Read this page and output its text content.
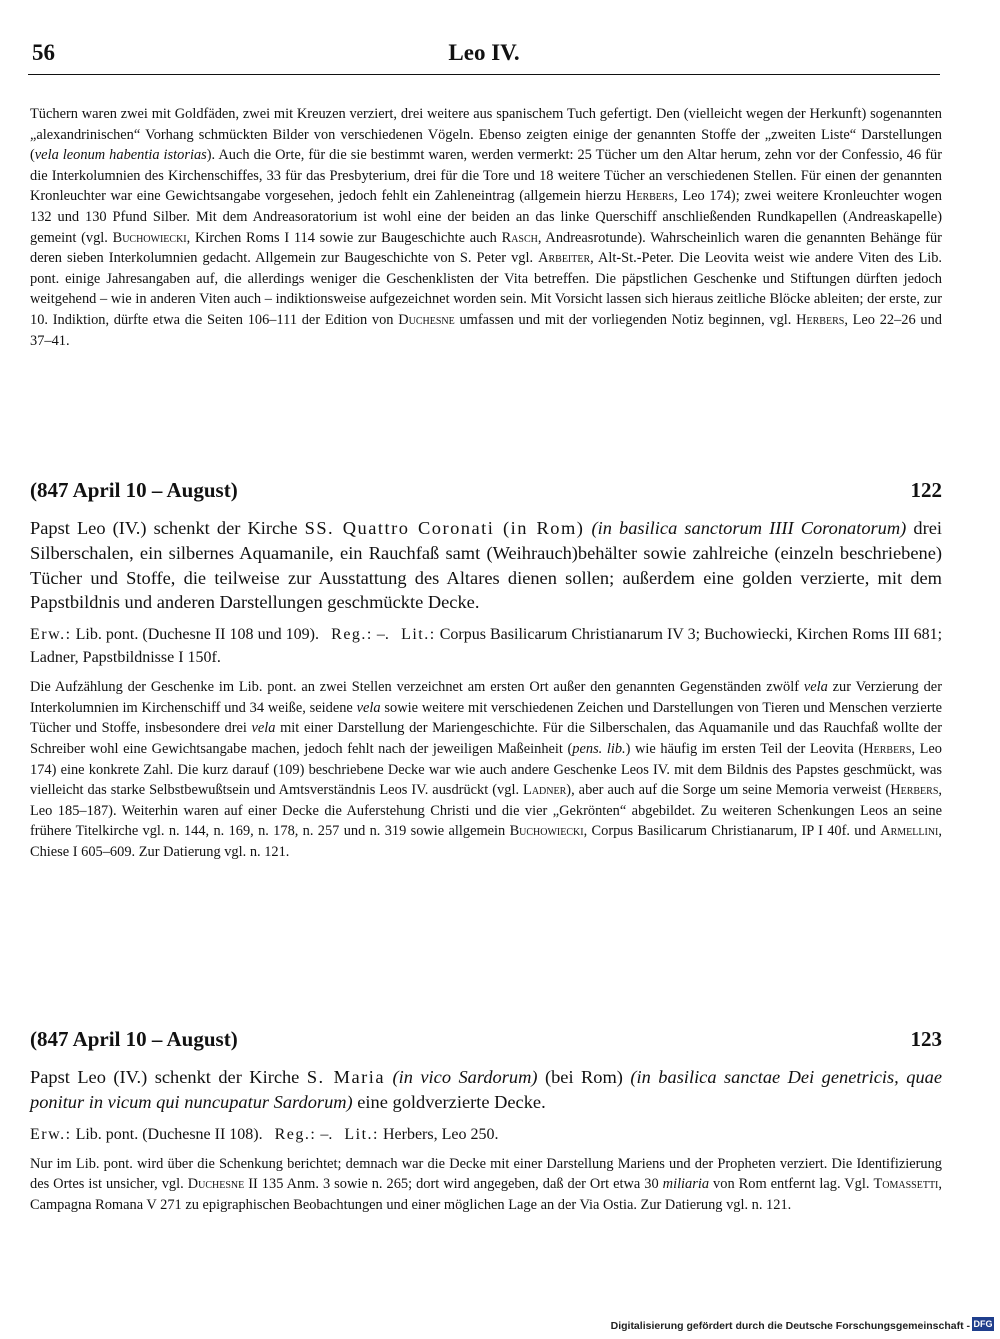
56	Leo IV.

Tüchern waren zwei mit Goldfäden, zwei mit Kreuzen verziert, drei weitere aus spanischem Tuch gefertigt. Den (vielleicht wegen der Herkunft) sogenannten „alexandrinischen“ Vorhang schmückten Bilder von verschiedenen Vögeln. Ebenso zeigten einige der genannten Stoffe der „zweiten Liste“ Darstellungen (vela leonum habentia istorias). Auch die Orte, für die sie bestimmt waren, werden vermerkt: 25 Tücher um den Altar herum, zehn vor der Confessio, 46 für die Interkolumnien des Kirchenschiffes, 33 für das Presbyterium, drei für die Tore und 18 weitere Tücher an verschiedenen Stellen. Für einen der genannten Kronleuchter war eine Gewichtsangabe vorgesehen, jedoch fehlt ein Zahleneintrag (allgemein hierzu Herbers, Leo 174); zwei weitere Kronleuchter wogen 132 und 130 Pfund Silber. Mit dem Andreasoratorium ist wohl eine der beiden an das linke Querschiff anschließenden Rundkapellen (Andreaskapelle) gemeint (vgl. Buchowiecki, Kirchen Roms I 114 sowie zur Baugeschichte auch Rasch, Andreasrotunde). Wahrscheinlich waren die genannten Behänge für deren sieben Interkolumnien gedacht. Allgemein zur Baugeschichte von S. Peter vgl. Arbeiter, Alt-St.-Peter. Die Leovita weist wie andere Viten des Lib. pont. einige Jahresangaben auf, die allerdings weniger die Geschenklisten der Vita betreffen. Die päpstlichen Geschenke und Stiftungen dürften jedoch weitgehend – wie in anderen Viten auch – indiktionsweise aufgezeichnet worden sein. Mit Vorsicht lassen sich hieraus zeitliche Blöcke ableiten; der erste, zur 10. Indiktion, dürfte etwa die Seiten 106–111 der Edition von Duchesne umfassen und mit der vorliegenden Notiz beginnen, vgl. Herbers, Leo 22–26 und 37–41.

(847 April 10 – August)	122

Papst Leo (IV.) schenkt der Kirche SS. Quattro Coronati (in Rom) (in basilica sanctorum IIII Coronatorum) drei Silberschalen, ein silbernes Aquamanile, ein Rauchfaß samt (Weihrauch)behälter sowie zahlreiche (einzeln beschriebene) Tücher und Stoffe, die teilweise zur Ausstattung des Altares dienen sollen; außerdem eine golden verzierte, mit dem Papstbildnis und anderen Darstellungen geschmückte Decke.

Erw.: Lib. pont. (Duchesne II 108 und 109). Reg.: –. Lit.: Corpus Basilicarum Christianarum IV 3; Buchowiecki, Kirchen Roms III 681; Ladner, Papstbildnisse I 150f.

Die Aufzählung der Geschenke im Lib. pont. an zwei Stellen verzeichnet am ersten Ort außer den genannten Gegenständen zwölf vela zur Verzierung der Interkolumnien im Kirchenschiff und 34 weiße, seidene vela sowie weitere mit verschiedenen Zeichen und Darstellungen von Tieren und Menschen verzierte Tücher und Stoffe, insbesondere drei vela mit einer Darstellung der Mariengeschichte. Für die Silberschalen, das Aquamanile und das Rauchfaß wollte der Schreiber wohl eine Gewichtsangabe machen, jedoch fehlt nach der jeweiligen Maßeinheit (pens. lib.) wie häufig im ersten Teil der Leovita (Herbers, Leo 174) eine konkrete Zahl. Die kurz darauf (109) beschriebene Decke war wie auch andere Geschenke Leos IV. mit dem Bildnis des Papstes geschmückt, was vielleicht das starke Selbstbewußtsein und Amtsverständnis Leos IV. ausdrückt (vgl. Ladner), aber auch auf die Sorge um seine Memoria verweist (Herbers, Leo 185–187). Weiterhin waren auf einer Decke die Auferstehung Christi und die vier „Gekrönten“ abgebildet. Zu weiteren Schenkungen Leos an seine frühere Titelkirche vgl. n. 144, n. 169, n. 178, n. 257 und n. 319 sowie allgemein Buchowiecki, Corpus Basilicarum Christianarum, IP I 40f. und Armellini, Chiese I 605–609. Zur Datierung vgl. n. 121.

(847 April 10 – August)	123

Papst Leo (IV.) schenkt der Kirche S. Maria (in vico Sardorum) (bei Rom) (in basilica sanctae Dei genetricis, quae ponitur in vicum qui nuncupatur Sardorum) eine goldverzierte Decke.

Erw.: Lib. pont. (Duchesne II 108). Reg.: –. Lit.: Herbers, Leo 250.

Nur im Lib. pont. wird über die Schenkung berichtet; demnach war die Decke mit einer Darstellung Mariens und der Propheten verziert. Die Identifizierung des Ortes ist unsicher, vgl. Duchesne II 135 Anm. 3 sowie n. 265; dort wird angegeben, daß der Ort etwa 30 miliaria von Rom entfernt lag. Vgl. Tomassetti, Campagna Romana V 271 zu epigraphischen Beobachtungen und einer möglichen Lage an der Via Ostia. Zur Datierung vgl. n. 121.

Digitalisierung gefördert durch die Deutsche Forschungsgemeinschaft - DFG
